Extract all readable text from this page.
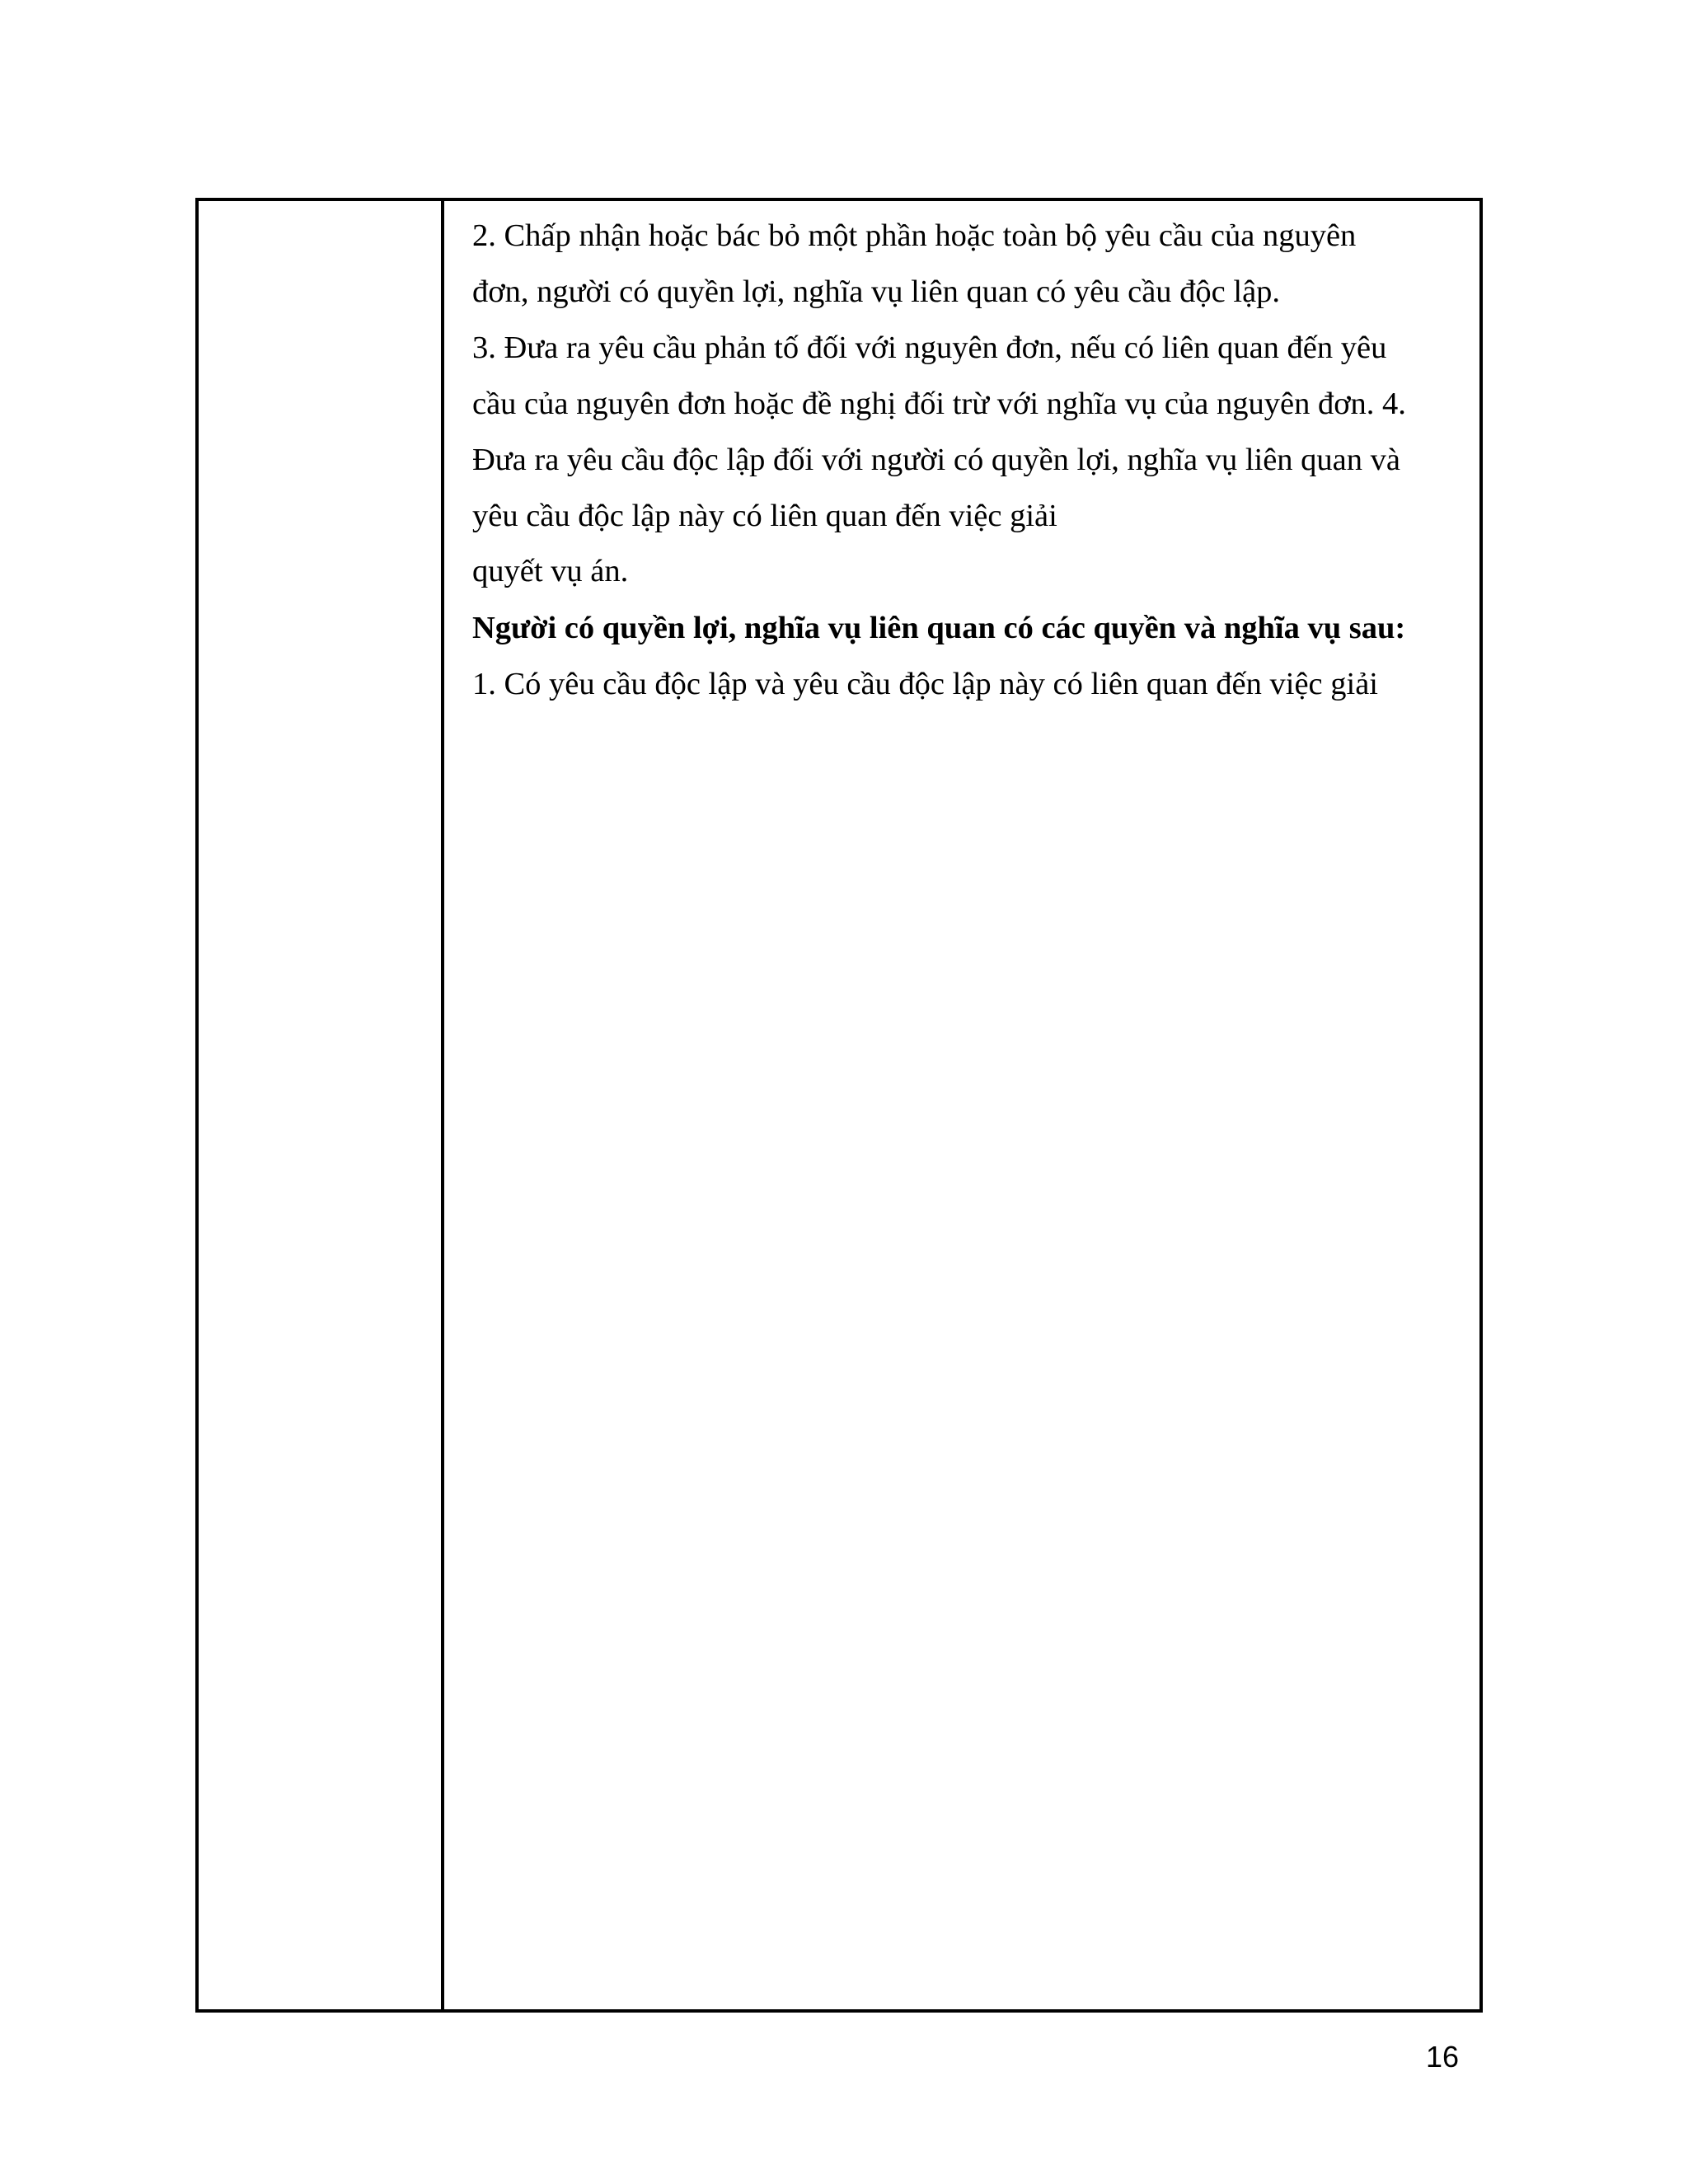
2. Chấp nhận hoặc bác bỏ một phần hoặc toàn bộ yêu cầu của nguyên
đơn, người có quyền lợi, nghĩa vụ liên quan có yêu cầu độc lập.
3. Đưa ra yêu cầu phản tố đối với nguyên đơn, nếu có liên quan đến yêu
cầu của nguyên đơn hoặc đề nghị đối trừ với nghĩa vụ của nguyên đơn. 4.
Đưa ra yêu cầu độc lập đối với người có quyền lợi, nghĩa vụ liên quan và
yêu cầu độc lập này có liên quan đến việc giải
quyết vụ án.
Người có quyền lợi, nghĩa vụ liên quan có các quyền và nghĩa vụ sau:
1. Có yêu cầu độc lập và yêu cầu độc lập này có liên quan đến việc giải
16
